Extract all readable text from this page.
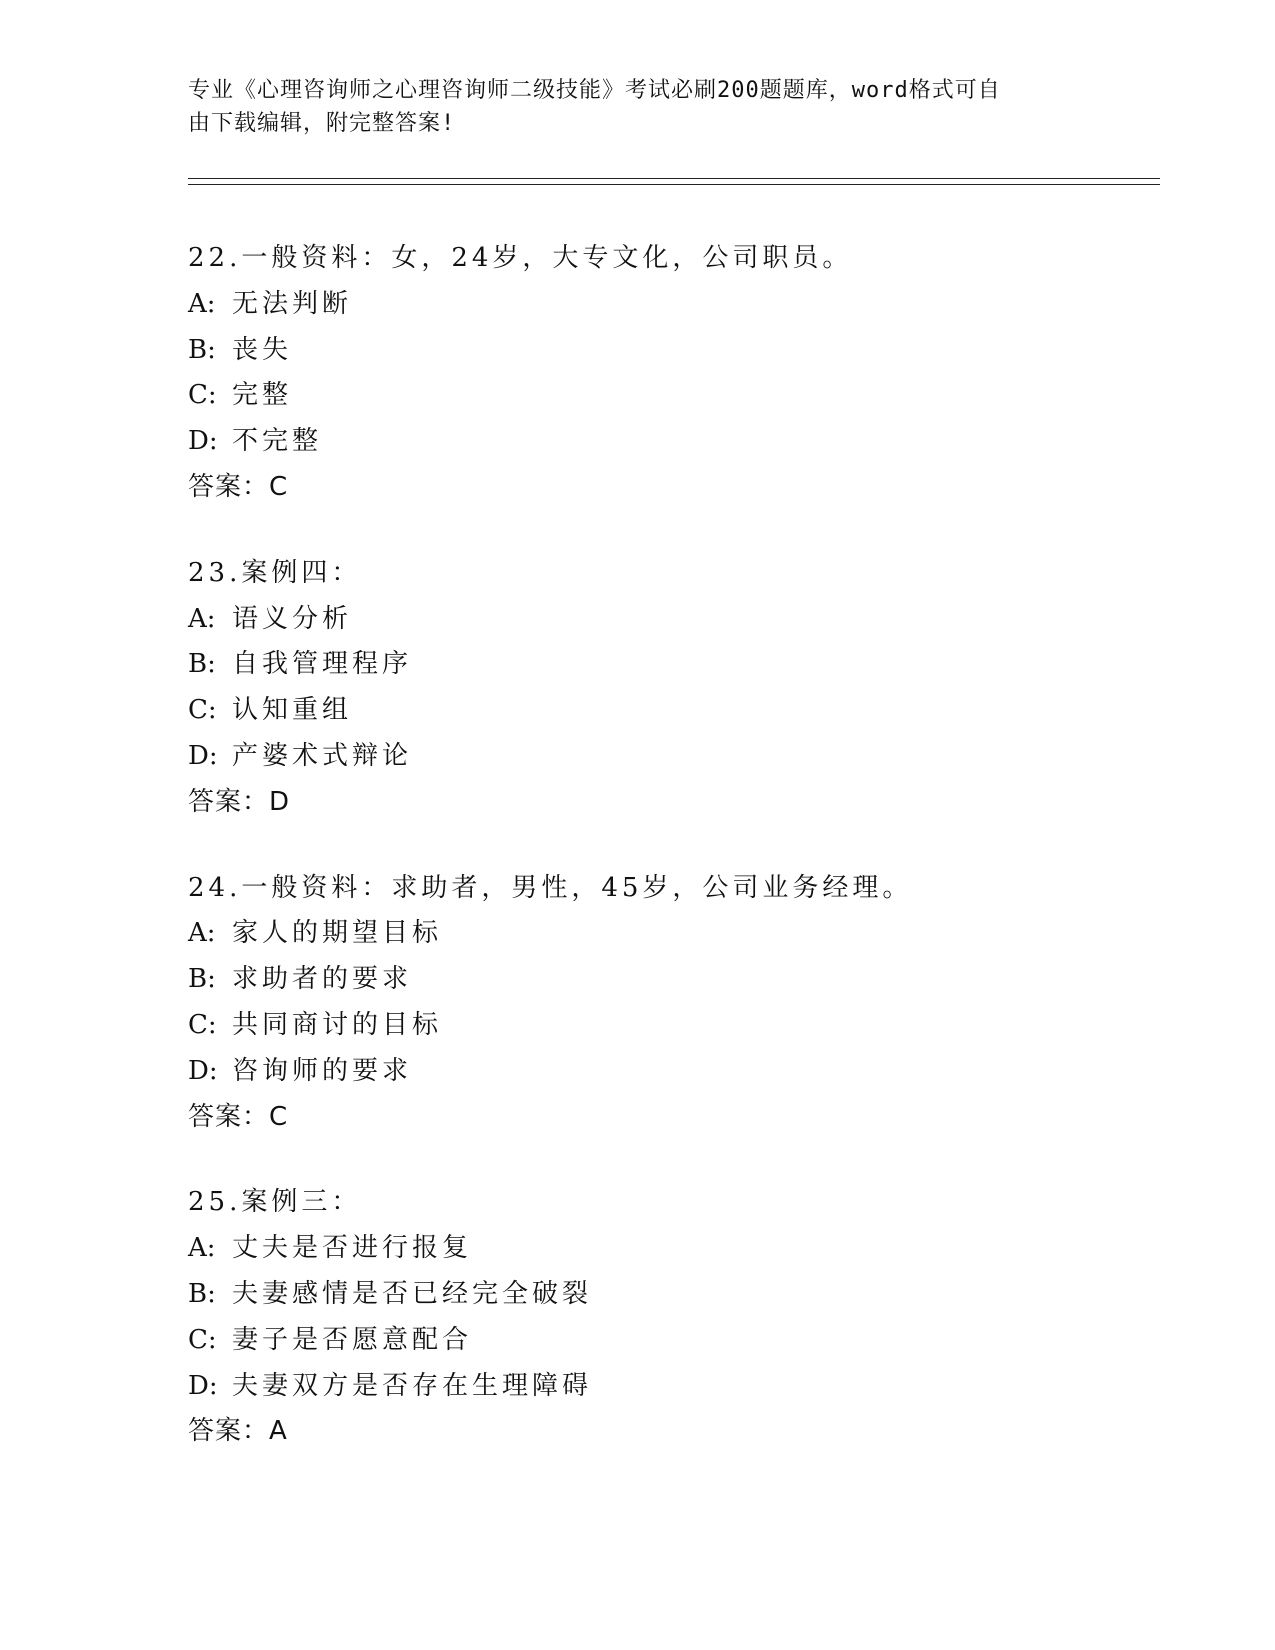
专业《心理咨询师之心理咨询师二级技能》考试必刷200题题库，word格式可自
由下载编辑，附完整答案!
22.一般资料：女，24岁，大专文化，公司职员。
A: 无法判断
B: 丧失
C: 完整
D: 不完整
答案：C
23.案例四：
A: 语义分析
B: 自我管理程序
C: 认知重组
D: 产婆术式辩论
答案：D
24.一般资料：求助者，男性，45岁，公司业务经理。
A: 家人的期望目标
B: 求助者的要求
C: 共同商讨的目标
D: 咨询师的要求
答案：C
25.案例三：
A: 丈夫是否进行报复
B: 夫妻感情是否已经完全破裂
C: 妻子是否愿意配合
D: 夫妻双方是否存在生理障碍
答案：A
